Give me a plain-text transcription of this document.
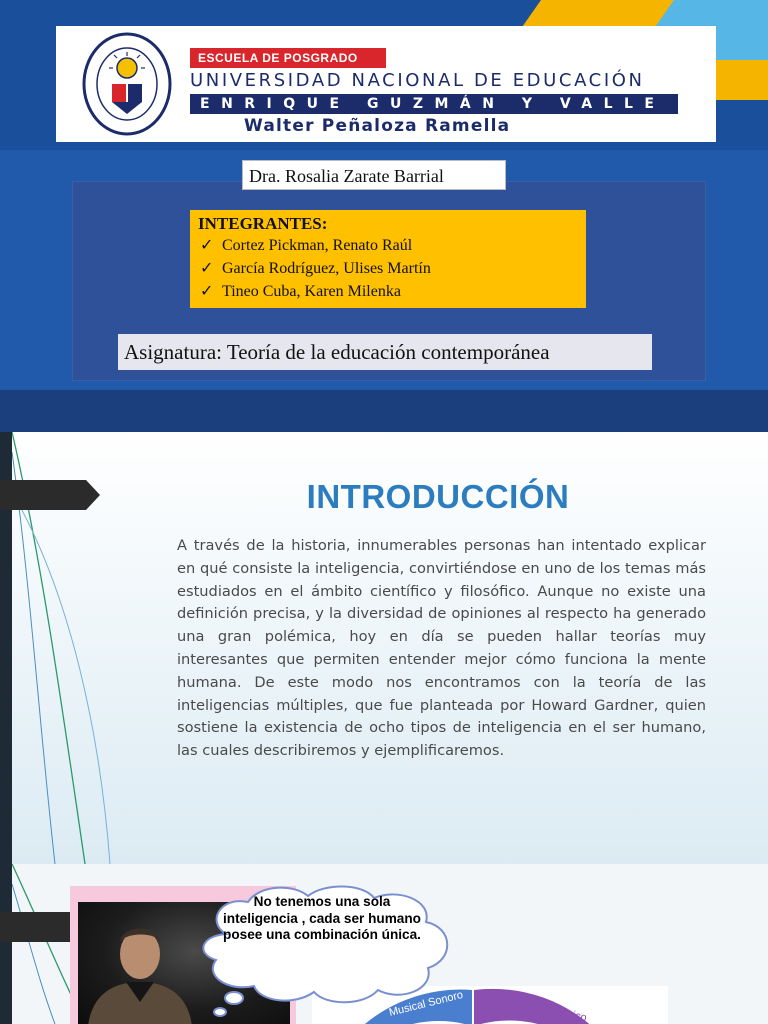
ESCUELA DE POSGRADO
UNIVERSIDAD NACIONAL DE EDUCACIÓN
ENRIQUE GUZMÁN Y VALLE
Walter Peñaloza Ramella
Dra. Rosalia Zarate Barrial
INTEGRANTES:
✓ Cortez Pickman, Renato Raúl
✓ García Rodríguez, Ulises Martín
✓ Tineo Cuba, Karen Milenka
Asignatura: Teoría de la educación contemporánea
INTRODUCCIÓN
A través de la historia, innumerables personas han intentado explicar en qué consiste la inteligencia, convirtiéndose en uno de los temas más estudiados en el ámbito científico y filosófico. Aunque no existe una definición precisa, y la diversidad de opiniones al respecto ha generado una gran polémica, hoy en día se pueden hallar teorías muy interesantes que permiten entender mejor cómo funciona la mente humana. De este modo nos encontramos con la teoría de las inteligencias múltiples, que fue planteada por Howard Gardner, quien sostiene la existencia de ocho tipos de inteligencia en el ser humano, las cuales describiremos y ejemplificaremos.
Musical Sonoro Corporal Cinestésico
No tenemos una sola inteligencia , cada ser humano posee una combinación única.
